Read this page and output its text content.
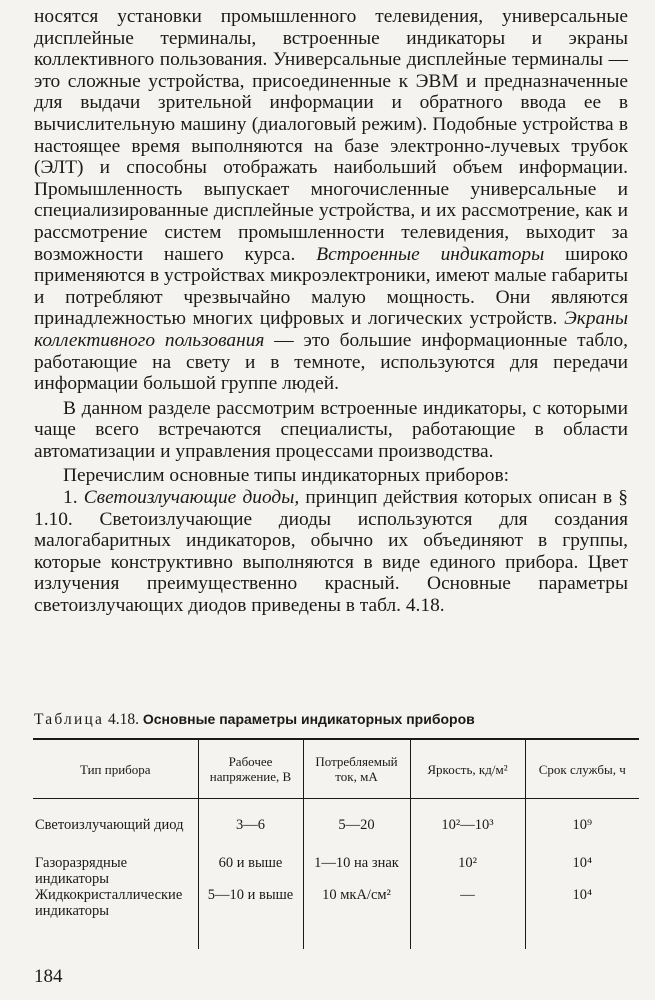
носятся установки промышленного телевидения, универсальные дисплейные терминалы, встроенные индикаторы и экраны коллективного пользования. Универсальные дисплейные терминалы — это сложные устройства, присоединенные к ЭВМ и предназначенные для выдачи зрительной информации и обратного ввода ее в вычислительную машину (диалоговый режим). Подобные устройства в настоящее время выполняются на базе электронно-лучевых трубок (ЭЛТ) и способны отображать наибольший объем информации. Промышленность выпускает многочисленные универсальные и специализированные дисплейные устройства, и их рассмотрение, как и рассмотрение систем промышленности телевидения, выходит за возможности нашего курса. Встроенные индикаторы широко применяются в устройствах микроэлектроники, имеют малые габариты и потребляют чрезвычайно малую мощность. Они являются принадлежностью многих цифровых и логических устройств. Экраны коллективного пользования — это большие информационные табло, работающие на свету и в темноте, используются для передачи информации большой группе людей.

В данном разделе рассмотрим встроенные индикаторы, с которыми чаще всего встречаются специалисты, работающие в области автоматизации и управления процессами производства.

Перечислим основные типы индикаторных приборов:

1. Светоизлучающие диоды, принцип действия которых описан в § 1.10. Светоизлучающие диоды используются для создания малогабаритных индикаторов, обычно их объединяют в группы, которые конструктивно выполняются в виде единого прибора. Цвет излучения преимущественно красный. Основные параметры светоизлучающих диодов приведены в табл. 4.18.

Таблица 4.18. Основные параметры индикаторных приборов
Тип прибора	Рабочее напряжение, В	Потребляемый ток, мА	Яркость, кд/м²	Срок службы, ч
Светоизлучающий диод	3—6	5—20	10²—10³	10⁹
Газоразрядные индикаторы	60 и выше	1—10 на знак	10²	10⁴
Жидкокристаллические индикаторы	5—10 и выше	10 мкА/см²	—	10⁴
184
